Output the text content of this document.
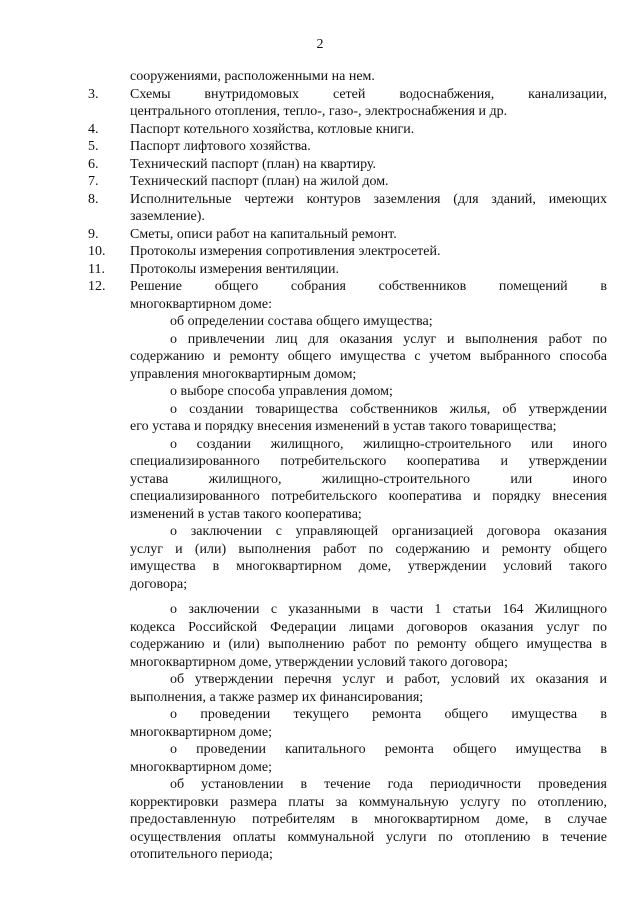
2
сооружениями, расположенными на нем.
3. Схемы внутридомовых сетей водоснабжения, канализации,
центрального отопления, тепло-, газо-, электроснабжения и др.
4. Паспорт котельного хозяйства, котловые книги.
5. Паспорт лифтового хозяйства.
6. Технический паспорт (план) на квартиру.
7. Технический паспорт (план) на жилой дом.
8. Исполнительные чертежи контуров заземления (для зданий, имеющих
заземление).
9. Сметы, описи работ на капитальный ремонт.
10. Протоколы измерения сопротивления электросетей.
11. Протоколы измерения вентиляции.
12. Решение общего собрания собственников помещений в
многоквартирном доме:
об определении состава общего имущества;
о привлечении лиц для оказания услуг и выполнения работ по
содержанию и ремонту общего имущества с учетом выбранного способа
управления многоквартирным домом;
о выборе способа управления домом;
о создании товарищества собственников жилья, об утверждении
его устава и порядку внесения изменений в устав такого товарищества;
о создании жилищного, жилищно-строительного или иного
специализированного потребительского кооператива и утверждении
устава жилищного, жилищно-строительного или иного
специализированного потребительского кооператива и порядку внесения
изменений в устав такого кооператива;
о заключении с управляющей организацией договора оказания
услуг и (или) выполнения работ по содержанию и ремонту общего
имущества в многоквартирном доме, утверждении условий такого
договора;
о заключении с указанными в части 1 статьи 164 Жилищного
кодекса Российской Федерации лицами договоров оказания услуг по
содержанию и (или) выполнению работ по ремонту общего имущества в
многоквартирном доме, утверждении условий такого договора;
об утверждении перечня услуг и работ, условий их оказания и
выполнения, а также размер их финансирования;
о проведении текущего ремонта общего имущества в
многоквартирном доме;
о проведении капитального ремонта общего имущества в
многоквартирном доме;
об установлении в течение года периодичности проведения
корректировки размера платы за коммунальную услугу по отоплению,
предоставленную потребителям в многоквартирном доме, в случае
осуществления оплаты коммунальной услуги по отоплению в течение
отопительного периода;
